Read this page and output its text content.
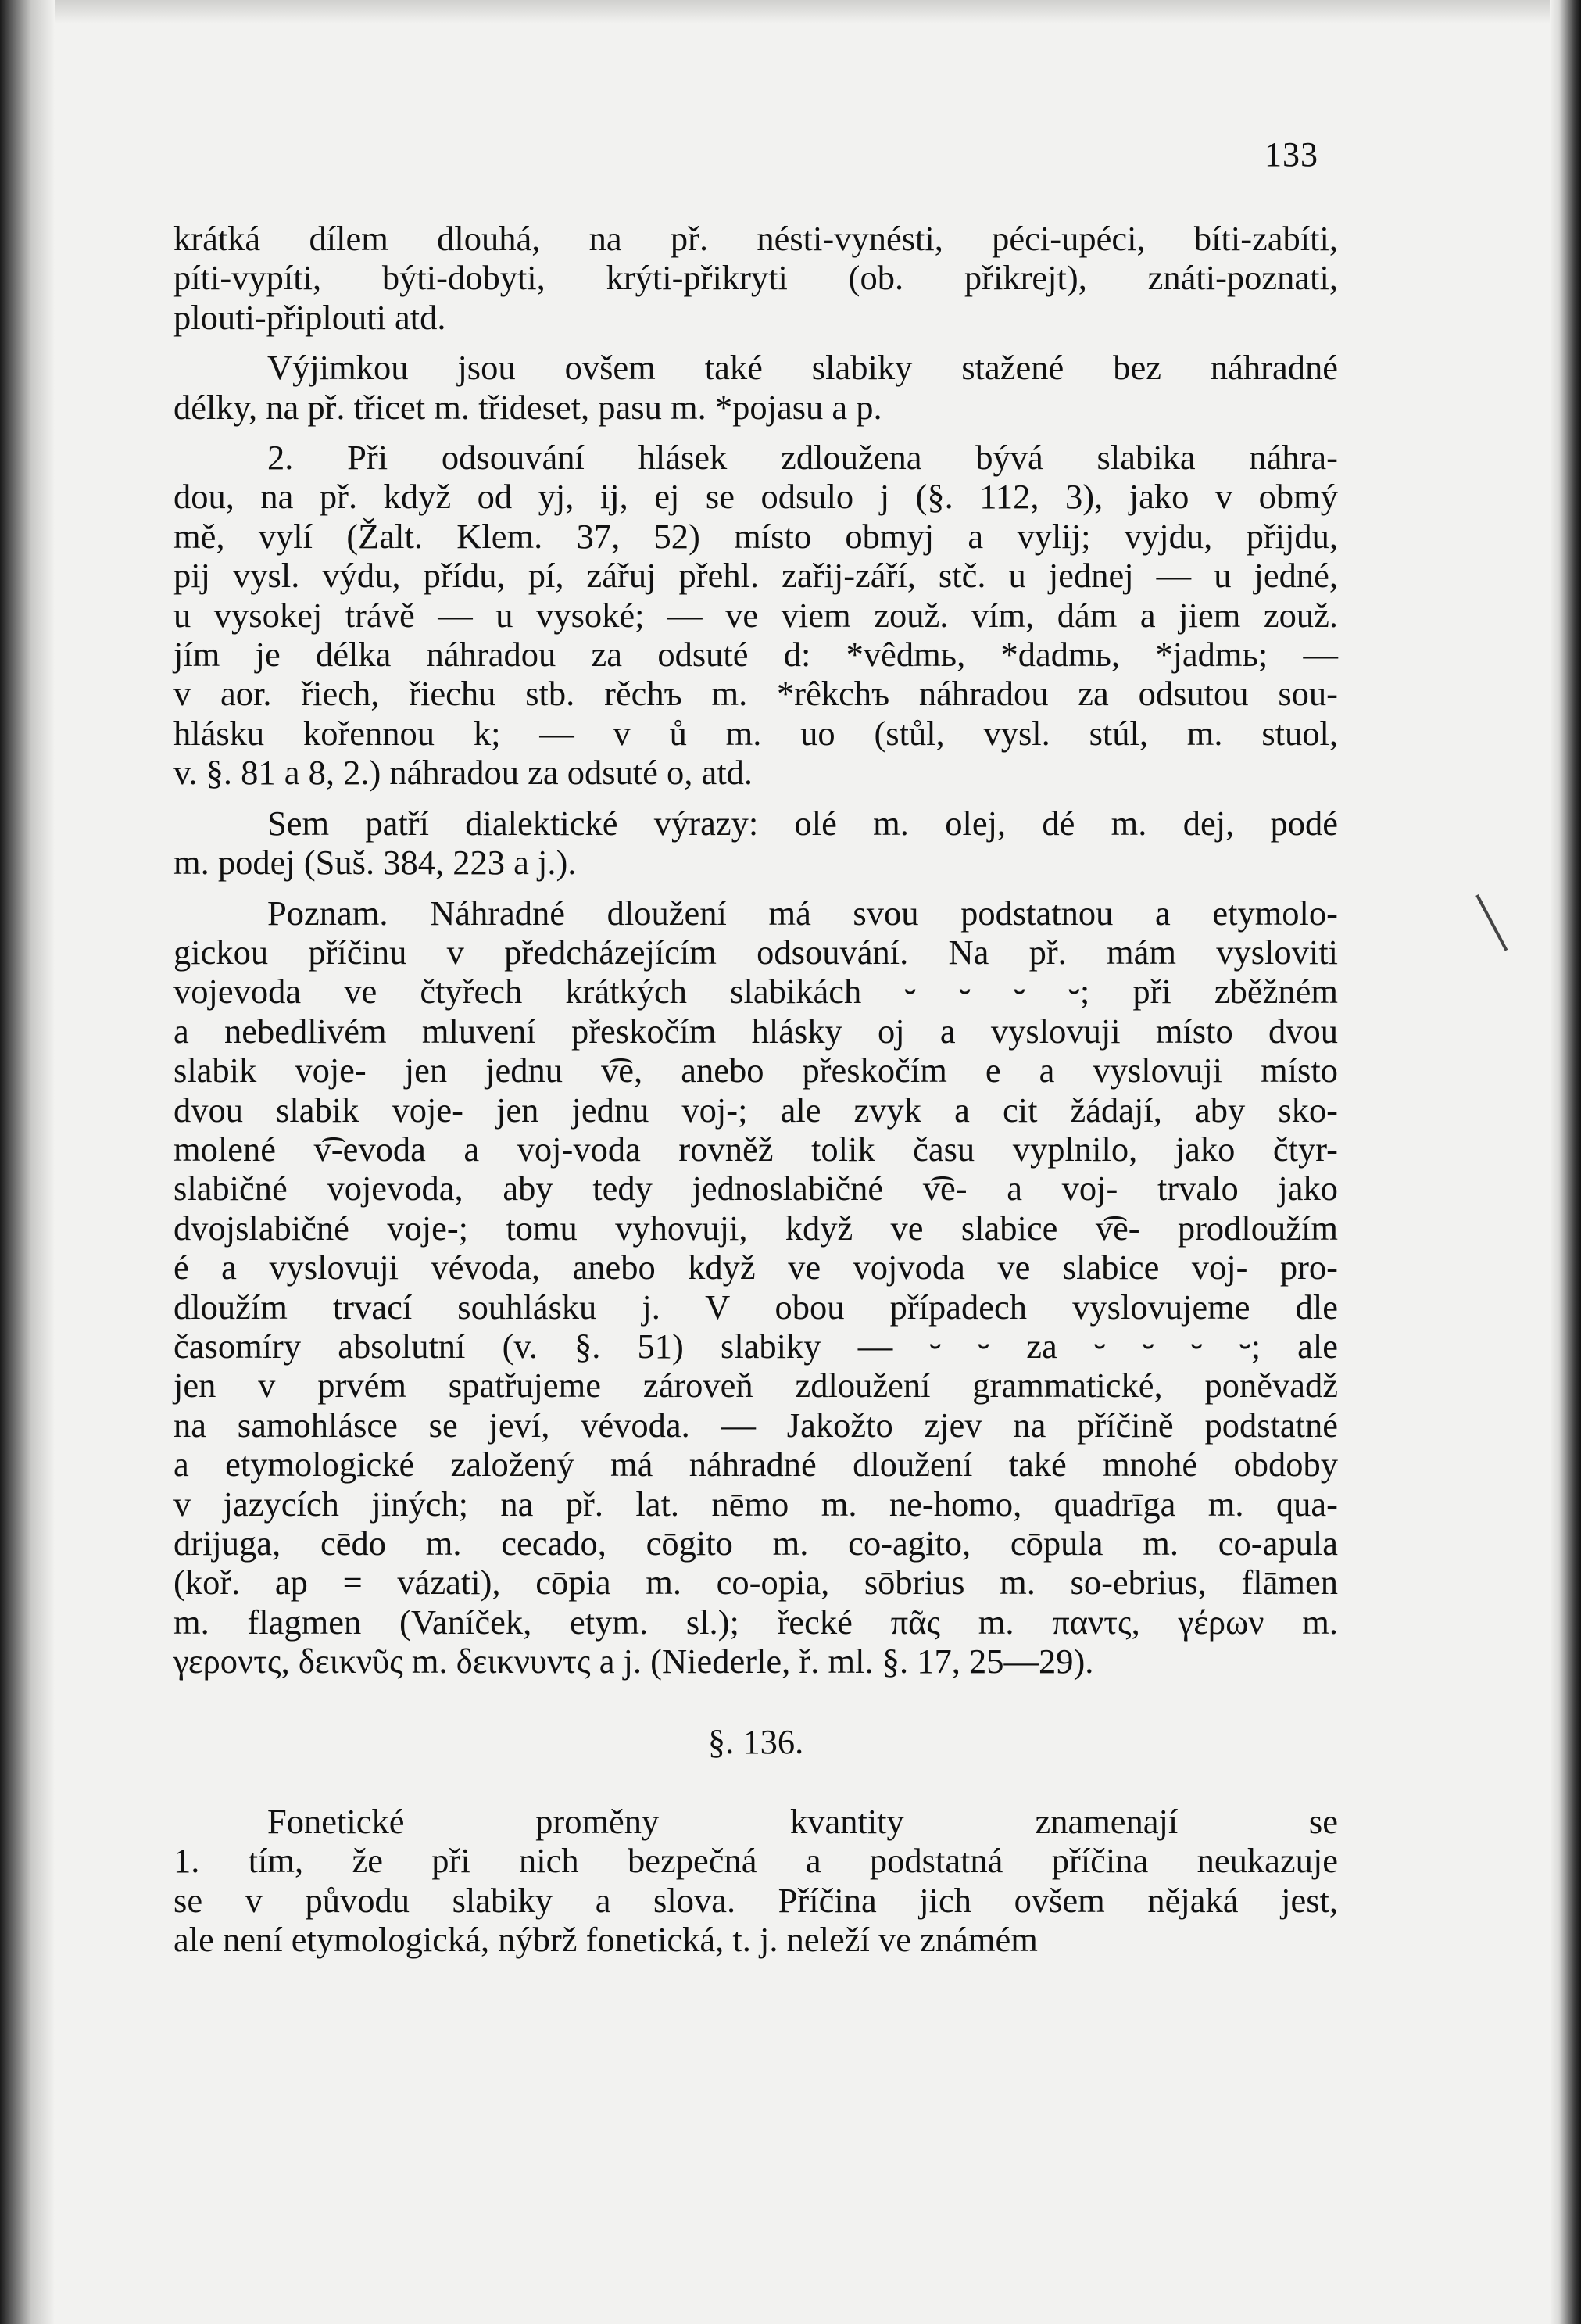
133
krátká dílem dlouhá, na př. nésti-vynésti, péci-upéci, bíti-zabíti,
píti-vypíti, býti-dobyti, krýti-přikryti (ob. přikrejt), znáti-poznati,
plouti-připlouti atd.
Výjimkou jsou ovšem také slabiky stažené bez náhradné
délky, na př. třicet m. třideset, pasu m. *pojasu a p.
2. Při odsouvání hlásek zdloužena bývá slabika náhra-
dou, na př. když od yj, ij, ej se odsulo j (§. 112, 3), jako v obmý
mě, vylí (Žalt. Klem. 37, 52) místo obmyj a vylij; vyjdu, přijdu,
pij vysl. výdu, přídu, pí, zářuj přehl. zařij-září, stč. u jednej — u jedné,
u vysokej trávě — u vysoké; — ve viem zouž. vím, dám a jiem zouž.
jím je délka náhradou za odsuté d: *vêdmь, *dadmь, *jadmь; —
v aor. řiech, řiechu stb. rěchъ m. *rêkchъ náhradou za odsutou sou-
hlásku kořennou k; — v ů m. uo (stůl, vysl. stúl, m. stuol,
v. §. 81 a 8, 2.) náhradou za odsuté o, atd.
Sem patří dialektické výrazy: olé m. olej, dé m. dej, podé
m. podej (Suš. 384, 223 a j.).
Poznam. Náhradné dloužení má svou podstatnou a etymolo-
gickou příčinu v předcházejícím odsouvání. Na př. mám vysloviti
vojevoda ve čtyřech krátkých slabikách ⏑ ⏑ ⏑ ⏑; při zběžném
a nebedlivém mluvení přeskočím hlásky oj a vyslovuji místo dvou
slabik voje- jen jednu v͡e, anebo přeskočím e a vyslovuji místo
dvou slabik voje- jen jednu voj-; ale zvyk a cit žádají, aby sko-
molené v͡-evoda a voj-voda rovněž tolik času vyplnilo, jako čtyr-
slabičné vojevoda, aby tedy jednoslabičné v͡e- a voj- trvalo jako
dvojslabičné voje-; tomu vyhovuji, když ve slabice v͡e- prodloužím
é a vyslovuji vévoda, anebo když ve vojvoda ve slabice voj- pro-
dloužím trvací souhlásku j. V obou případech vyslovujeme dle
časomíry absolutní (v. §. 51) slabiky — ⏑ ⏑ za ⏑ ⏑ ⏑ ⏑; ale
jen v prvém spatřujeme zároveň zdloužení grammatické, poněvadž
na samohlásce se jeví, vévoda. — Jakožto zjev na příčině podstatné
a etymologické založený má náhradné dloužení také mnohé obdoby
v jazycích jiných; na př. lat. nēmo m. ne-homo, quadrīga m. qua-
drijuga, cēdo m. cecado, cōgito m. co-agito, cōpula m. co-apula
(koř. ap = vázati), cōpia m. co-opia, sōbrius m. so-ebrius, flāmen
m. flagmen (Vaníček, etym. sl.); řecké πᾶς m. παντς, γέρων m.
γεροντς, δεικνῦς m. δεικνυντς a j. (Niederle, ř. ml. §. 17, 25—29).
§. 136.
Fonetické proměny kvantity znamenají se
1. tím, že při nich bezpečná a podstatná příčina neukazuje
se v původu slabiky a slova. Příčina jich ovšem nějaká jest,
ale není etymologická, nýbrž fonetická, t. j. neleží ve známém
